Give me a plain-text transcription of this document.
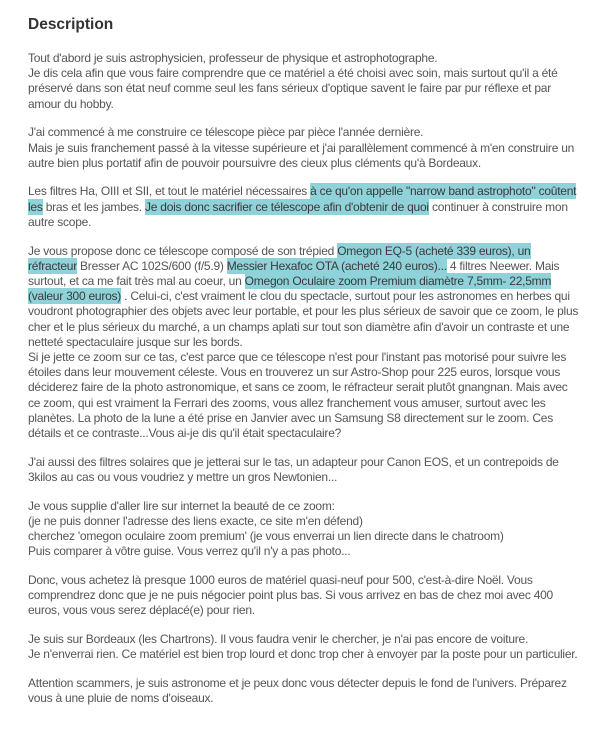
Description
Tout d'abord je suis astrophysicien, professeur de physique et astrophotographe.
Je dis cela afin que vous faire comprendre que ce matériel a été choisi avec soin, mais surtout qu'il a été préservé dans son état neuf comme seul les fans sérieux d'optique savent le faire par pur réflexe et par amour du hobby.
J'ai commencé à me construire ce télescope pièce par pièce l'année dernière.
Mais je suis franchement passé à la vitesse supérieure et j'ai parallèlement commencé à m'en construire un autre bien plus portatif afin de pouvoir poursuivre des cieux plus cléments qu'à Bordeaux.
Les filtres Ha, OIII et SII, et tout le matériel nécessaires à ce qu'on appelle "narrow band astrophoto" coûtent les bras et les jambes. Je dois donc sacrifier ce télescope afin d'obtenir de quoi continuer à construire mon autre scope.
Je vous propose donc ce télescope composé de son trépied Omegon EQ-5 (acheté 339 euros), un réfracteur Bresser AC 102S/600 (f/5.9) Messier Hexafoc OTA (acheté 240 euros)... 4 filtres Neewer. Mais surtout, et ca me fait très mal au coeur, un Omegon Oculaire zoom Premium diamètre 7,5mm- 22,5mm (valeur 300 euros) . Celui-ci, c'est vraiment le clou du spectacle, surtout pour les astronomes en herbes qui voudront photographier des objets avec leur portable, et pour les plus sérieux de savoir que ce zoom, le plus cher et le plus sérieux du marché, a un champs aplati sur tout son diamètre afin d'avoir un contraste et une netteté spectaculaire jusque sur les bords.
Si je jette ce zoom sur ce tas, c'est parce que ce télescope n'est pour l'instant pas motorisé pour suivre les étoiles dans leur mouvement céleste. Vous en trouverez un sur Astro-Shop pour 225 euros, lorsque vous déciderez faire de la photo astronomique, et sans ce zoom, le réfracteur serait plutôt gnangnan. Mais avec ce zoom, qui est vraiment la Ferrari des zooms, vous allez franchement vous amuser, surtout avec les planètes. La photo de la lune a été prise en Janvier avec un Samsung S8 directement sur le zoom. Ces détails et ce contraste...Vous ai-je dis qu'il était spectaculaire?
J'ai aussi des filtres solaires que je jetterai sur le tas, un adapteur pour Canon EOS, et un contrepoids de 3kilos au cas ou vous voudriez y mettre un gros Newtonien...
Je vous supplie d'aller lire sur internet la beauté de ce zoom:
(je ne puis donner l'adresse des liens exacte, ce site m'en défend)
cherchez 'omegon oculaire zoom premium' (je vous enverrai un lien directe dans le chatroom)
Puis comparer à vôtre guise. Vous verrez qu'il n'y a pas photo...
Donc, vous achetez là presque 1000 euros de matériel quasi-neuf pour 500, c'est-à-dire Noël. Vous comprendrez donc que je ne puis négocier point plus bas. Si vous arrivez en bas de chez moi avec 400 euros, vous vous serez déplacé(e) pour rien.
Je suis sur Bordeaux (les Chartrons). Il vous faudra venir le chercher, je n'ai pas encore de voiture.
Je n'enverrai rien. Ce matériel est bien trop lourd et donc trop cher à envoyer par la poste pour un particulier.
Attention scammers, je suis astronome et je peux donc vous détecter depuis le fond de l'univers. Préparez vous à une pluie de noms d'oiseaux.
